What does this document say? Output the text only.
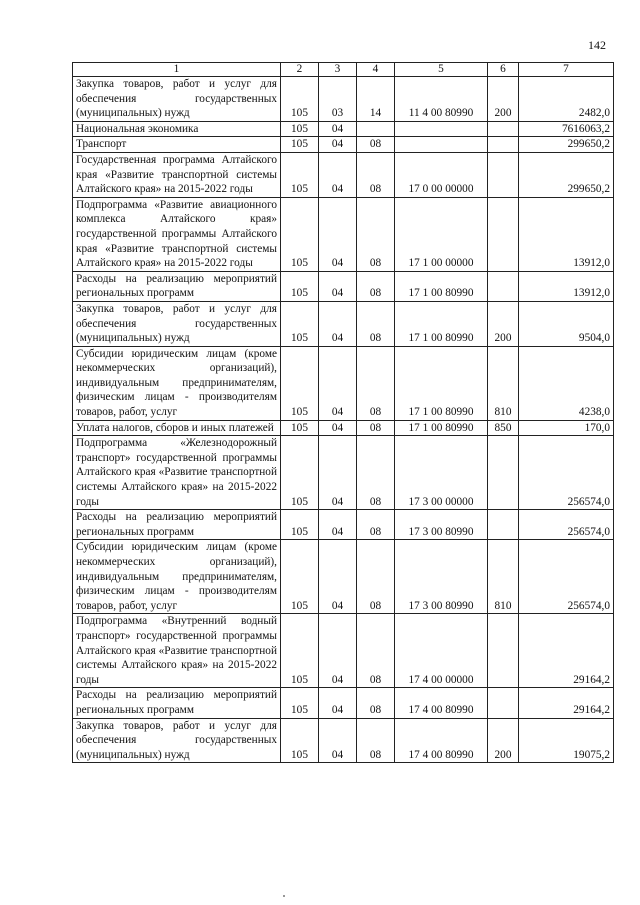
142
1	2	3	4	5	6	7
Закупка товаров, работ и услуг для обеспечения государственных (муниципальных) нужд	105	03	14	11 4 00 80990	200	2482,0
Национальная экономика	105	04				7616063,2
Транспорт	105	04	08			299650,2
Государственная программа Алтайского края «Развитие транспортной системы Алтайского края» на 2015-2022 годы	105	04	08	17 0 00 00000		299650,2
Подпрограмма «Развитие авиационного комплекса Алтайского края» государственной программы Алтайского края «Развитие транспортной системы Алтайского края» на 2015-2022 годы	105	04	08	17 1 00 00000		13912,0
Расходы на реализацию мероприятий региональных программ	105	04	08	17 1 00 80990		13912,0
Закупка товаров, работ и услуг для обеспечения государственных (муниципальных) нужд	105	04	08	17 1 00 80990	200	9504,0
Субсидии юридическим лицам (кроме некоммерческих организаций), индивидуальным предпринимателям, физическим лицам - производителям товаров, работ, услуг	105	04	08	17 1 00 80990	810	4238,0
Уплата налогов, сборов и иных платежей	105	04	08	17 1 00 80990	850	170,0
Подпрограмма «Железнодорожный транспорт» государственной программы Алтайского края «Развитие транспортной системы Алтайского края» на 2015-2022 годы	105	04	08	17 3 00 00000		256574,0
Расходы на реализацию мероприятий региональных программ	105	04	08	17 3 00 80990		256574,0
Субсидии юридическим лицам (кроме некоммерческих организаций), индивидуальным предпринимателям, физическим лицам - производителям товаров, работ, услуг	105	04	08	17 3 00 80990	810	256574,0
Подпрограмма «Внутренний водный транспорт» государственной программы Алтайского края «Развитие транспортной системы Алтайского края» на 2015-2022 годы	105	04	08	17 4 00 00000		29164,2
Расходы на реализацию мероприятий региональных программ	105	04	08	17 4 00 80990		29164,2
Закупка товаров, работ и услуг для обеспечения государственных (муниципальных) нужд	105	04	08	17 4 00 80990	200	19075,2
